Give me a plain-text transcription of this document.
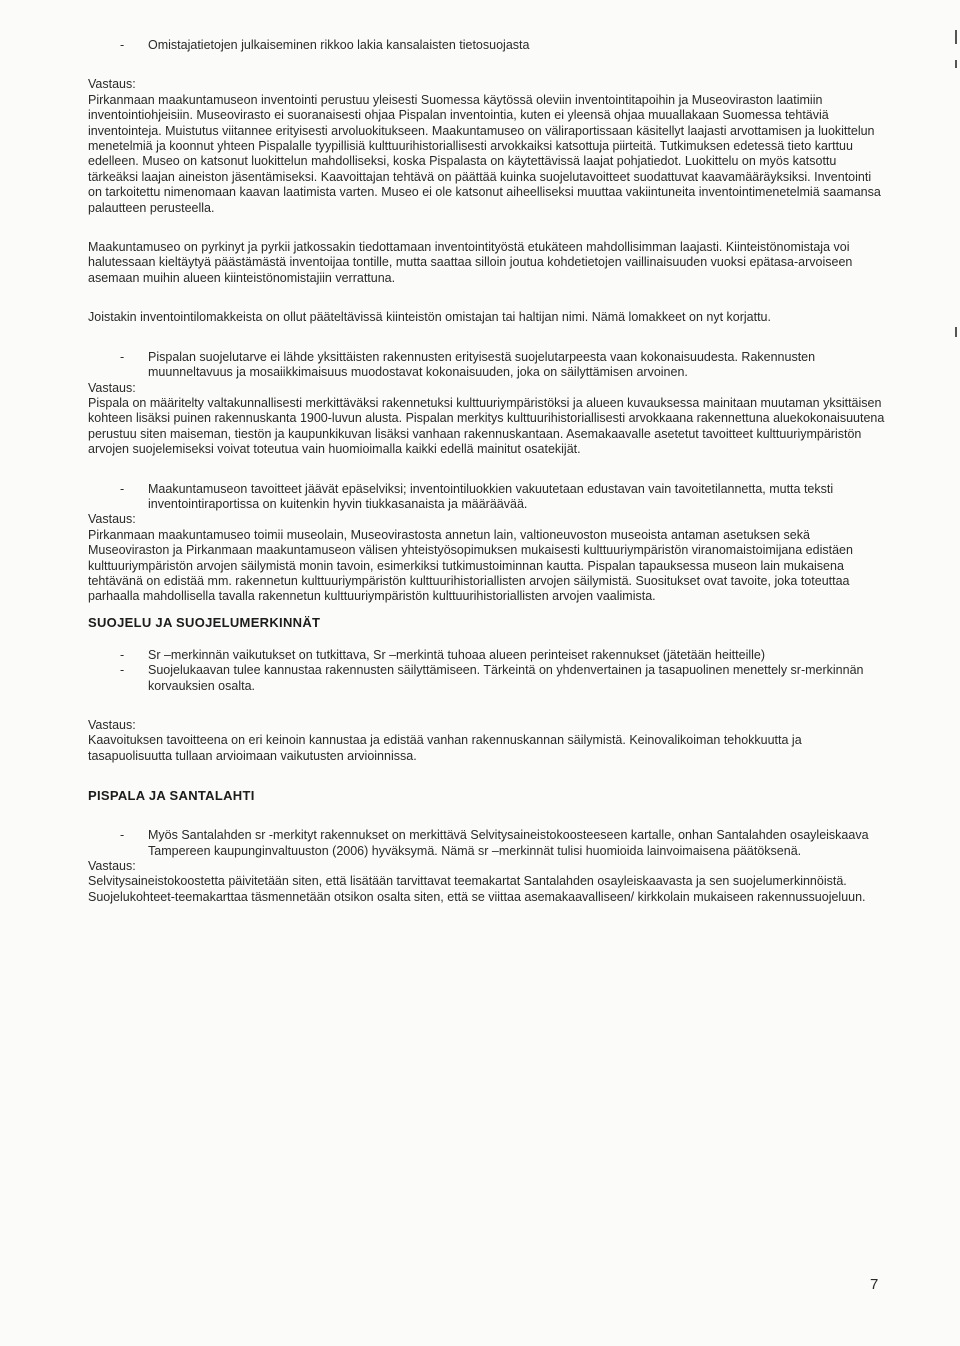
- Omistajatietojen julkaiseminen rikkoo lakia kansalaisten tietosuojasta

Vastaus:

Pirkanmaan maakuntamuseon inventointi perustuu yleisesti Suomessa käytössä oleviin inventointitapoihin ja Museoviraston laatimiin inventointiohjeisiin. Museovirasto ei suoranaisesti ohjaa Pispalan inventointia, kuten ei yleensä ohjaa muuallakaan Suomessa tehtäviä inventointeja. Muistutus viitannee erityisesti arvoluokitukseen. Maakuntamuseo on väliraportissaan käsitellyt laajasti arvottamisen ja luokittelun menetelmiä ja koonnut yhteen Pispalalle tyypillisiä kulttuurihistoriallisesti arvokkaiksi katsottuja piirteitä. Tutkimuksen edetessä tieto karttuu edelleen. Museo on katsonut luokittelun mahdolliseksi, koska Pispalasta on käytettävissä laajat pohjatiedot. Luokittelu on myös katsottu tärkeäksi laajan aineiston jäsentämiseksi. Kaavoittajan tehtävä on päättää kuinka suojelutavoitteet suodattuvat kaavamääräyksiksi. Inventointi on tarkoitettu nimenomaan kaavan laatimista varten. Museo ei ole katsonut aiheelliseksi muuttaa vakiintuneita inventointimenetelmiä saamansa palautteen perusteella.

Maakuntamuseo on pyrkinyt ja pyrkii jatkossakin tiedottamaan inventointityöstä etukäteen mahdollisimman laajasti. Kiinteistönomistaja voi halutessaan kieltäytyä päästämästä inventoijaa tontille, mutta saattaa silloin joutua kohdetietojen vaillinaisuuden vuoksi epätasa-arvoiseen asemaan muihin alueen kiinteistönomistajiin verrattuna.

Joistakin inventointilomakkeista on ollut pääteltävissä kiinteistön omistajan tai haltijan nimi. Nämä lomakkeet on nyt korjattu.

- Pispalan suojelutarve ei lähde yksittäisten rakennusten erityisestä suojelutarpeesta vaan kokonaisuudesta. Rakennusten muunneltavuus ja mosaiikkimaisuus muodostavat kokonaisuuden, joka on säilyttämisen arvoinen.

Vastaus:

Pispala on määritelty valtakunnallisesti merkittäväksi rakennetuksi kulttuuriympäristöksi ja alueen kuvauksessa mainitaan muutaman yksittäisen kohteen lisäksi puinen rakennuskanta 1900-luvun alusta. Pispalan merkitys kulttuurihistoriallisesti arvokkaana rakennettuna aluekokonaisuutena perustuu siten maiseman, tiestön ja kaupunkikuvan lisäksi vanhaan rakennuskantaan. Asemakaavalle asetetut tavoitteet kulttuuriympäristön arvojen suojelemiseksi voivat toteutua vain huomioimalla kaikki edellä mainitut osatekijät.

- Maakuntamuseon tavoitteet jäävät epäselviksi; inventointiluokkien vakuutetaan edustavan vain tavoitetilannetta, mutta teksti inventointiraportissa on kuitenkin hyvin tiukkasanaista ja määräävää.

Vastaus:

Pirkanmaan maakuntamuseo toimii museolain, Museovirastosta annetun lain, valtioneuvoston museoista antaman asetuksen sekä Museoviraston ja Pirkanmaan maakuntamuseon välisen yhteistyösopimuksen mukaisesti kulttuuriympäristön viranomaistoimijana edistäen kulttuuriympäristön arvojen säilymistä monin tavoin, esimerkiksi tutkimustoiminnan kautta. Pispalan tapauksessa museon lain mukaisena tehtävänä on edistää mm. rakennetun kulttuuriympäristön kulttuurihistoriallisten arvojen säilymistä. Suositukset ovat tavoite, joka toteuttaa parhaalla mahdollisella tavalla rakennetun kulttuuriympäristön kulttuurihistoriallisten arvojen vaalimista.

SUOJELU JA SUOJELUMERKINNÄT

- Sr –merkinnän vaikutukset on tutkittava, Sr –merkintä tuhoaa alueen perinteiset rakennukset (jätetään heitteille)

- Suojelukaavan tulee kannustaa rakennusten säilyttämiseen. Tärkeintä on yhdenvertainen ja tasapuolinen menettely sr-merkinnän korvauksien osalta.

Vastaus:

Kaavoituksen tavoitteena on eri keinoin kannustaa ja edistää vanhan rakennuskannan säilymistä. Keinovalikoiman tehokkuutta ja tasapuolisuutta tullaan arvioimaan vaikutusten arvioinnissa.

PISPALA JA SANTALAHTI

- Myös Santalahden sr -merkityt rakennukset on merkittävä Selvitysaineistokoosteeseen kartalle, onhan Santalahden osayleiskaava Tampereen kaupunginvaltuuston (2006) hyväksymä. Nämä sr –merkinnät tulisi huomioida lainvoimaisena päätöksenä.

Vastaus:

Selvitysaineistokoostetta päivitetään siten, että lisätään tarvittavat teemakartat Santalahden osayleiskaavasta ja sen suojelumerkinnöistä. Suojelukohteet-teemakarttaa täsmennetään otsikon osalta siten, että se viittaa asemakaavalliseen/ kirkkolain mukaiseen rakennussuojeluun.

7
